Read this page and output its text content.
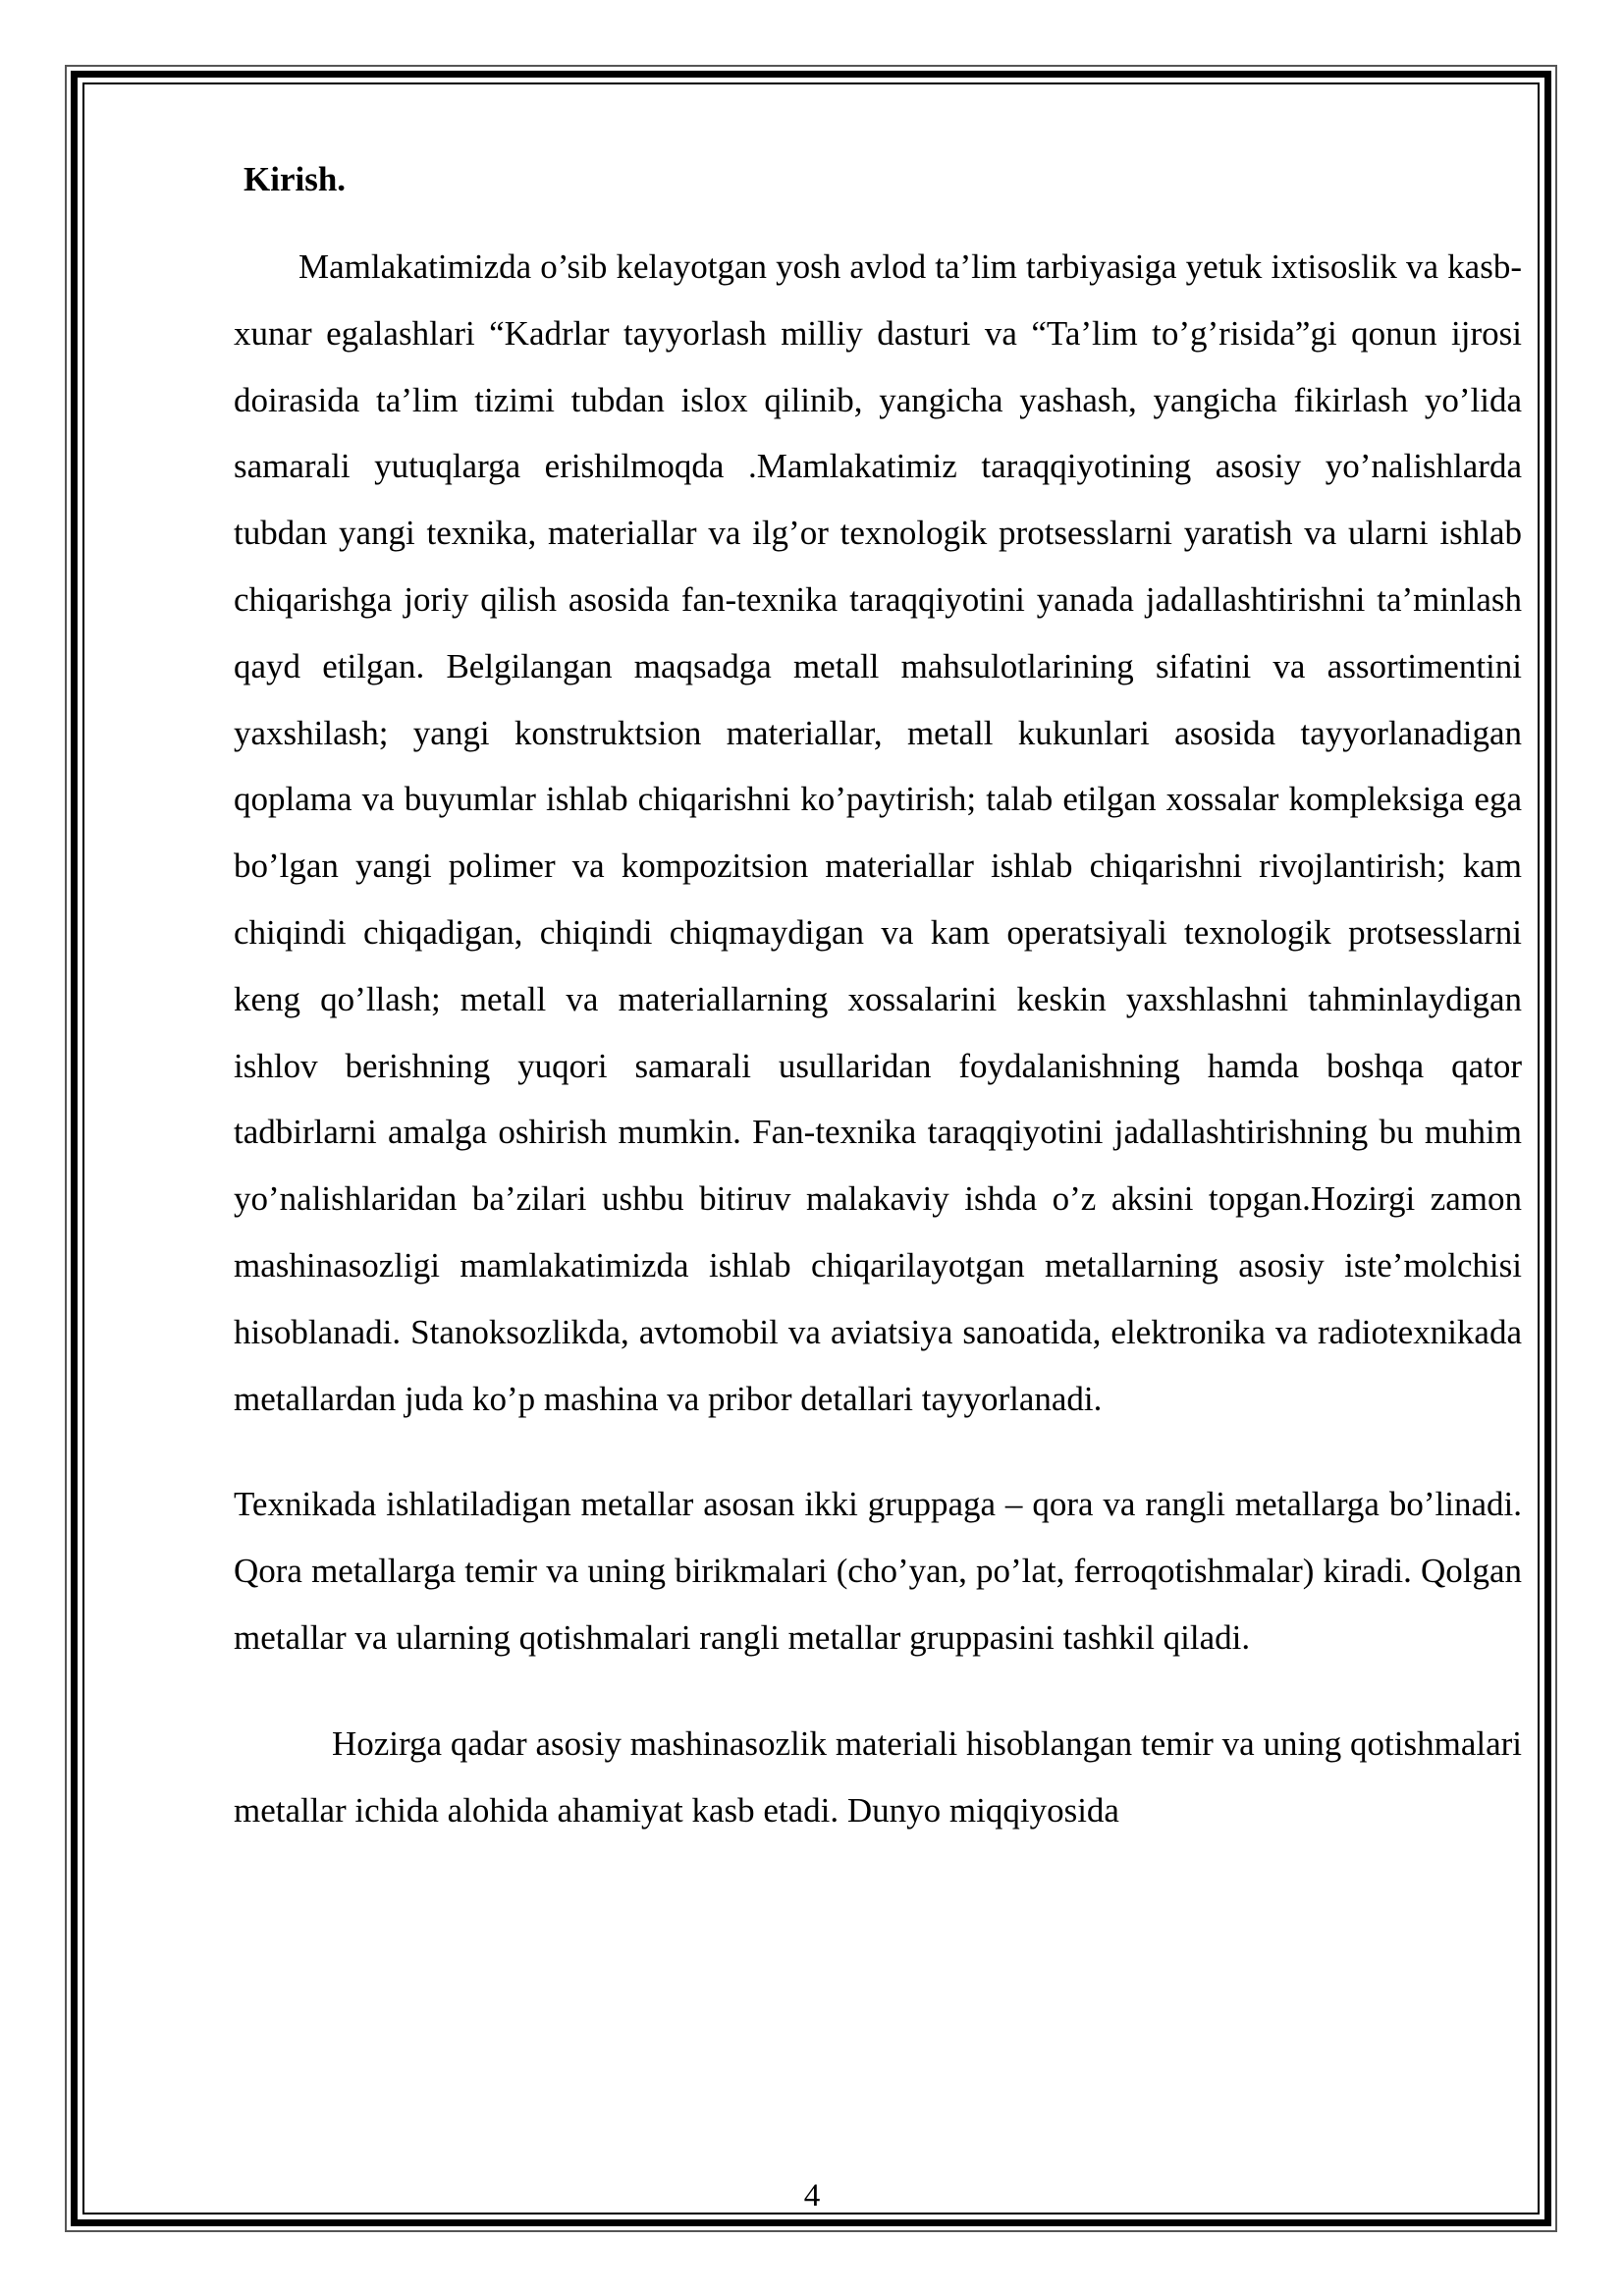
Kirish.

Mamlakatimizda o’sib kelayotgan yosh avlod ta’lim tarbiyasiga yetuk ixtisoslik va kasb-xunar egalashlari “Kadrlar tayyorlash milliy dasturi va “Ta’lim to’g’risida”gi qonun ijrosi doirasida ta’lim tizimi tubdan islox qilinib, yangicha yashash, yangicha fikirlash yo’lida samarali yutuqlarga erishilmoqda .Mamlakatimiz taraqqiyotining asosiy yo’nalishlarda tubdan yangi texnika, materiallar va ilg’or texnologik protsesslarni yaratish va ularni ishlab chiqarishga joriy qilish asosida fan-texnika taraqqiyotini yanada jadallashtirishni ta’minlash qayd etilgan. Belgilangan maqsadga metall mahsulotlarining sifatini va assortimentini yaxshilash; yangi konstruktsion materiallar, metall kukunlari asosida tayyorlanadigan qoplama va buyumlar ishlab chiqarishni ko’paytirish; talab etilgan xossalar kompleksiga ega bo’lgan yangi polimer va kompozitsion materiallar ishlab chiqarishni rivojlantirish; kam chiqindi chiqadigan, chiqindi chiqmaydigan va kam operatsiyali texnologik protsesslarni keng qo’llash; metall va materiallarning xossalarini keskin yaxshlashni tahminlaydigan ishlov berishning yuqori samarali usullaridan foydalanishning hamda boshqa qator tadbirlarni amalga oshirish mumkin. Fan-texnika taraqqiyotini jadallashtirishning bu muhim yo’nalishlaridan ba’zilari ushbu bitiruv malakaviy ishda o’z aksini topgan.Hozirgi zamon mashinasozligi mamlakatimizda ishlab chiqarilayotgan metallarning asosiy iste’molchisi hisoblanadi. Stanoksozlikda, avtomobil va aviatsiya sanoatida, elektronika va radiotexnikada metallardan juda ko’p mashina va pribor detallari tayyorlanadi.

Texnikada ishlatiladigan metallar asosan ikki gruppaga – qora va rangli metallarga bo’linadi. Qora metallarga temir va uning birikmalari (cho’yan, po’lat, ferroqotishmalar) kiradi. Qolgan metallar va ularning qotishmalari rangli metallar gruppasini tashkil qiladi.

Hozirga qadar asosiy mashinasozlik materiali hisoblangan temir va uning qotishmalari metallar ichida alohida ahamiyat kasb etadi. Dunyo miqqiyosida

4
